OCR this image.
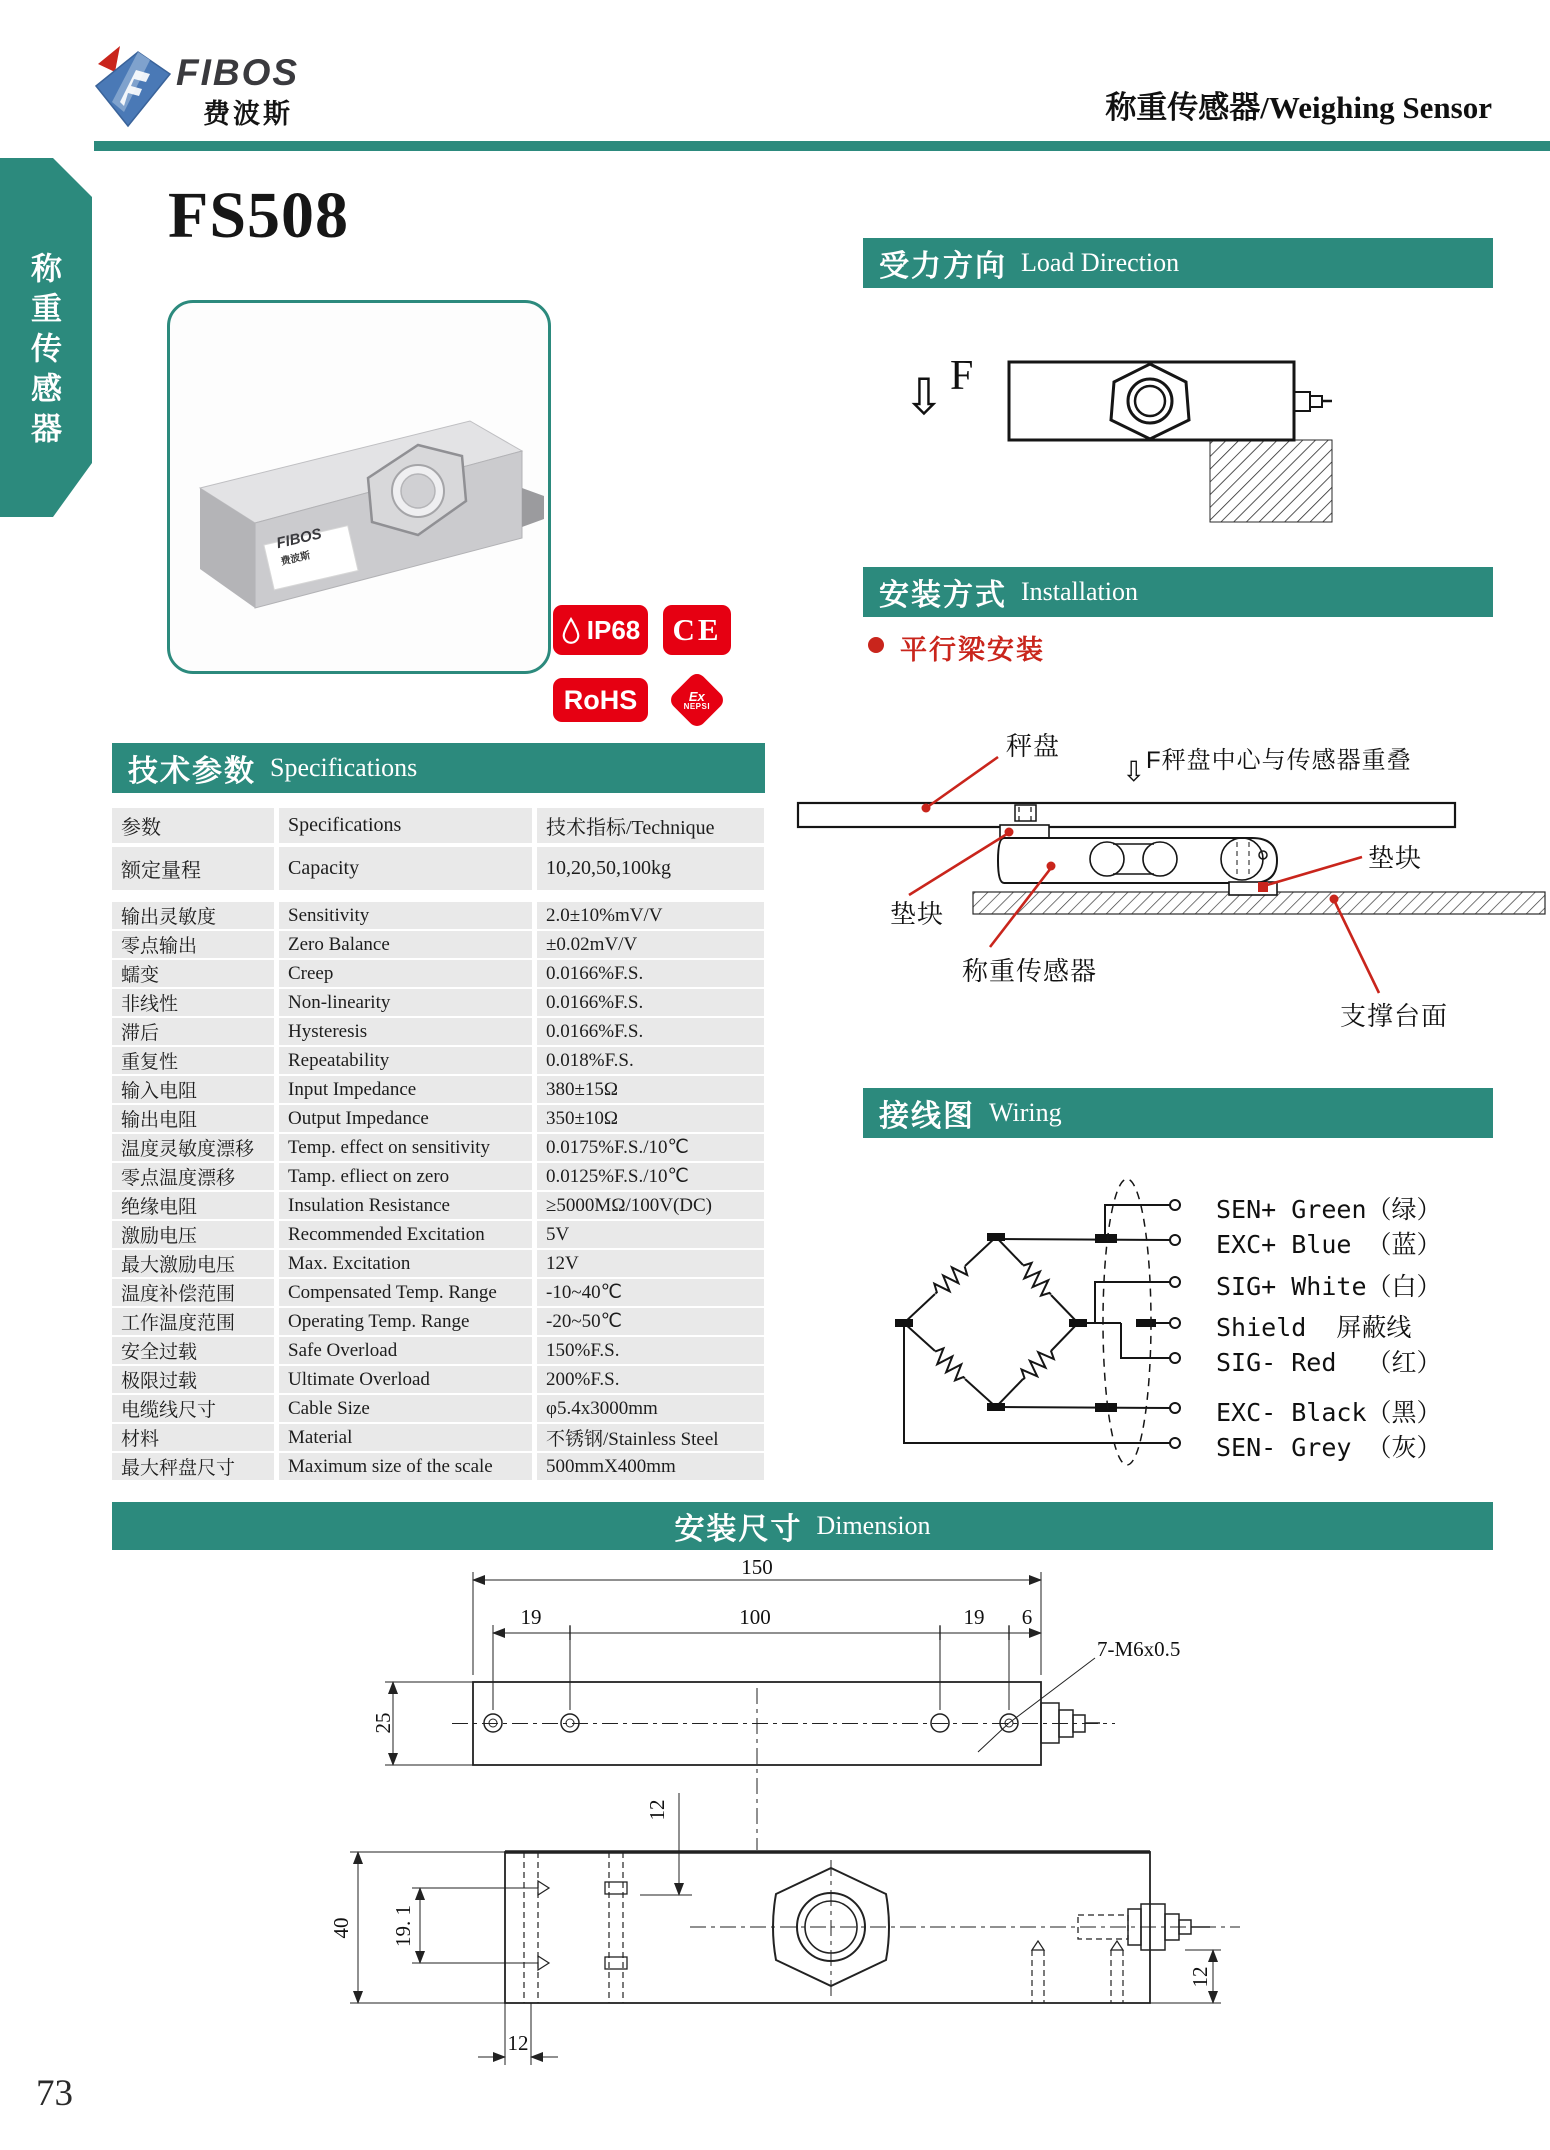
FIBOS
费波斯	称重传感器/Weighing Sensor
称重传感器
FS508
FIBOS
费波斯
IP68 CE
RoHS	Ex
NEPSI
技术参数 Specifications
参数	Specifications	技术指标/Technique
额定量程	Capacity	10,20,50,100kg
输出灵敏度	Sensitivity	2.0±10%mV/V
零点输出	Zero Balance	±0.02mV/V
蠕变	Creep	0.0166%F.S.
非线性	Non-linearity	0.0166%F.S.
滞后	Hysteresis	0.0166%F.S.
重复性	Repeatability	0.018%F.S.
输入电阻	Input Impedance	380±15Ω
输出电阻	Output Impedance	350±10Ω
温度灵敏度漂移	Temp. effect on sensitivity	0.0175%F.S./10℃
零点温度漂移	Tamp. efliect on zero	0.0125%F.S./10℃
绝缘电阻	Insulation Resistance	≥5000MΩ/100V(DC)
激励电压	Recommended Excitation	5V
最大激励电压	Max. Excitation	12V
温度补偿范围	Compensated Temp. Range	-10~40℃
工作温度范围	Operating Temp. Range	-20~50℃
安全过载	Safe Overload	150%F.S.
极限过载	Ultimate Overload	200%F.S.
电缆线尺寸	Cable Size	φ5.4x3000mm
材料	Material	不锈钢/Stainless Steel
最大秤盘尺寸	Maximum size of the scale	500mmX400mm
受力方向 Load Direction
⇩ F
安装方式 Installation
平行梁安装
秤盘	F秤盘中心与传感器重叠
⇩
垫块
垫块
称重传感器
支撑台面
接线图 Wiring
SEN+ Green（绿）
EXC+ Blue （蓝）
SIG+ White（白）
Shield  屏蔽线
SIG- Red  （红）
EXC- Black（黑）
SEN- Grey （灰）
安装尺寸 Dimension
150
19	100	19 6
25
7-M6x0.5
12
40 19. 1
12
12
73
